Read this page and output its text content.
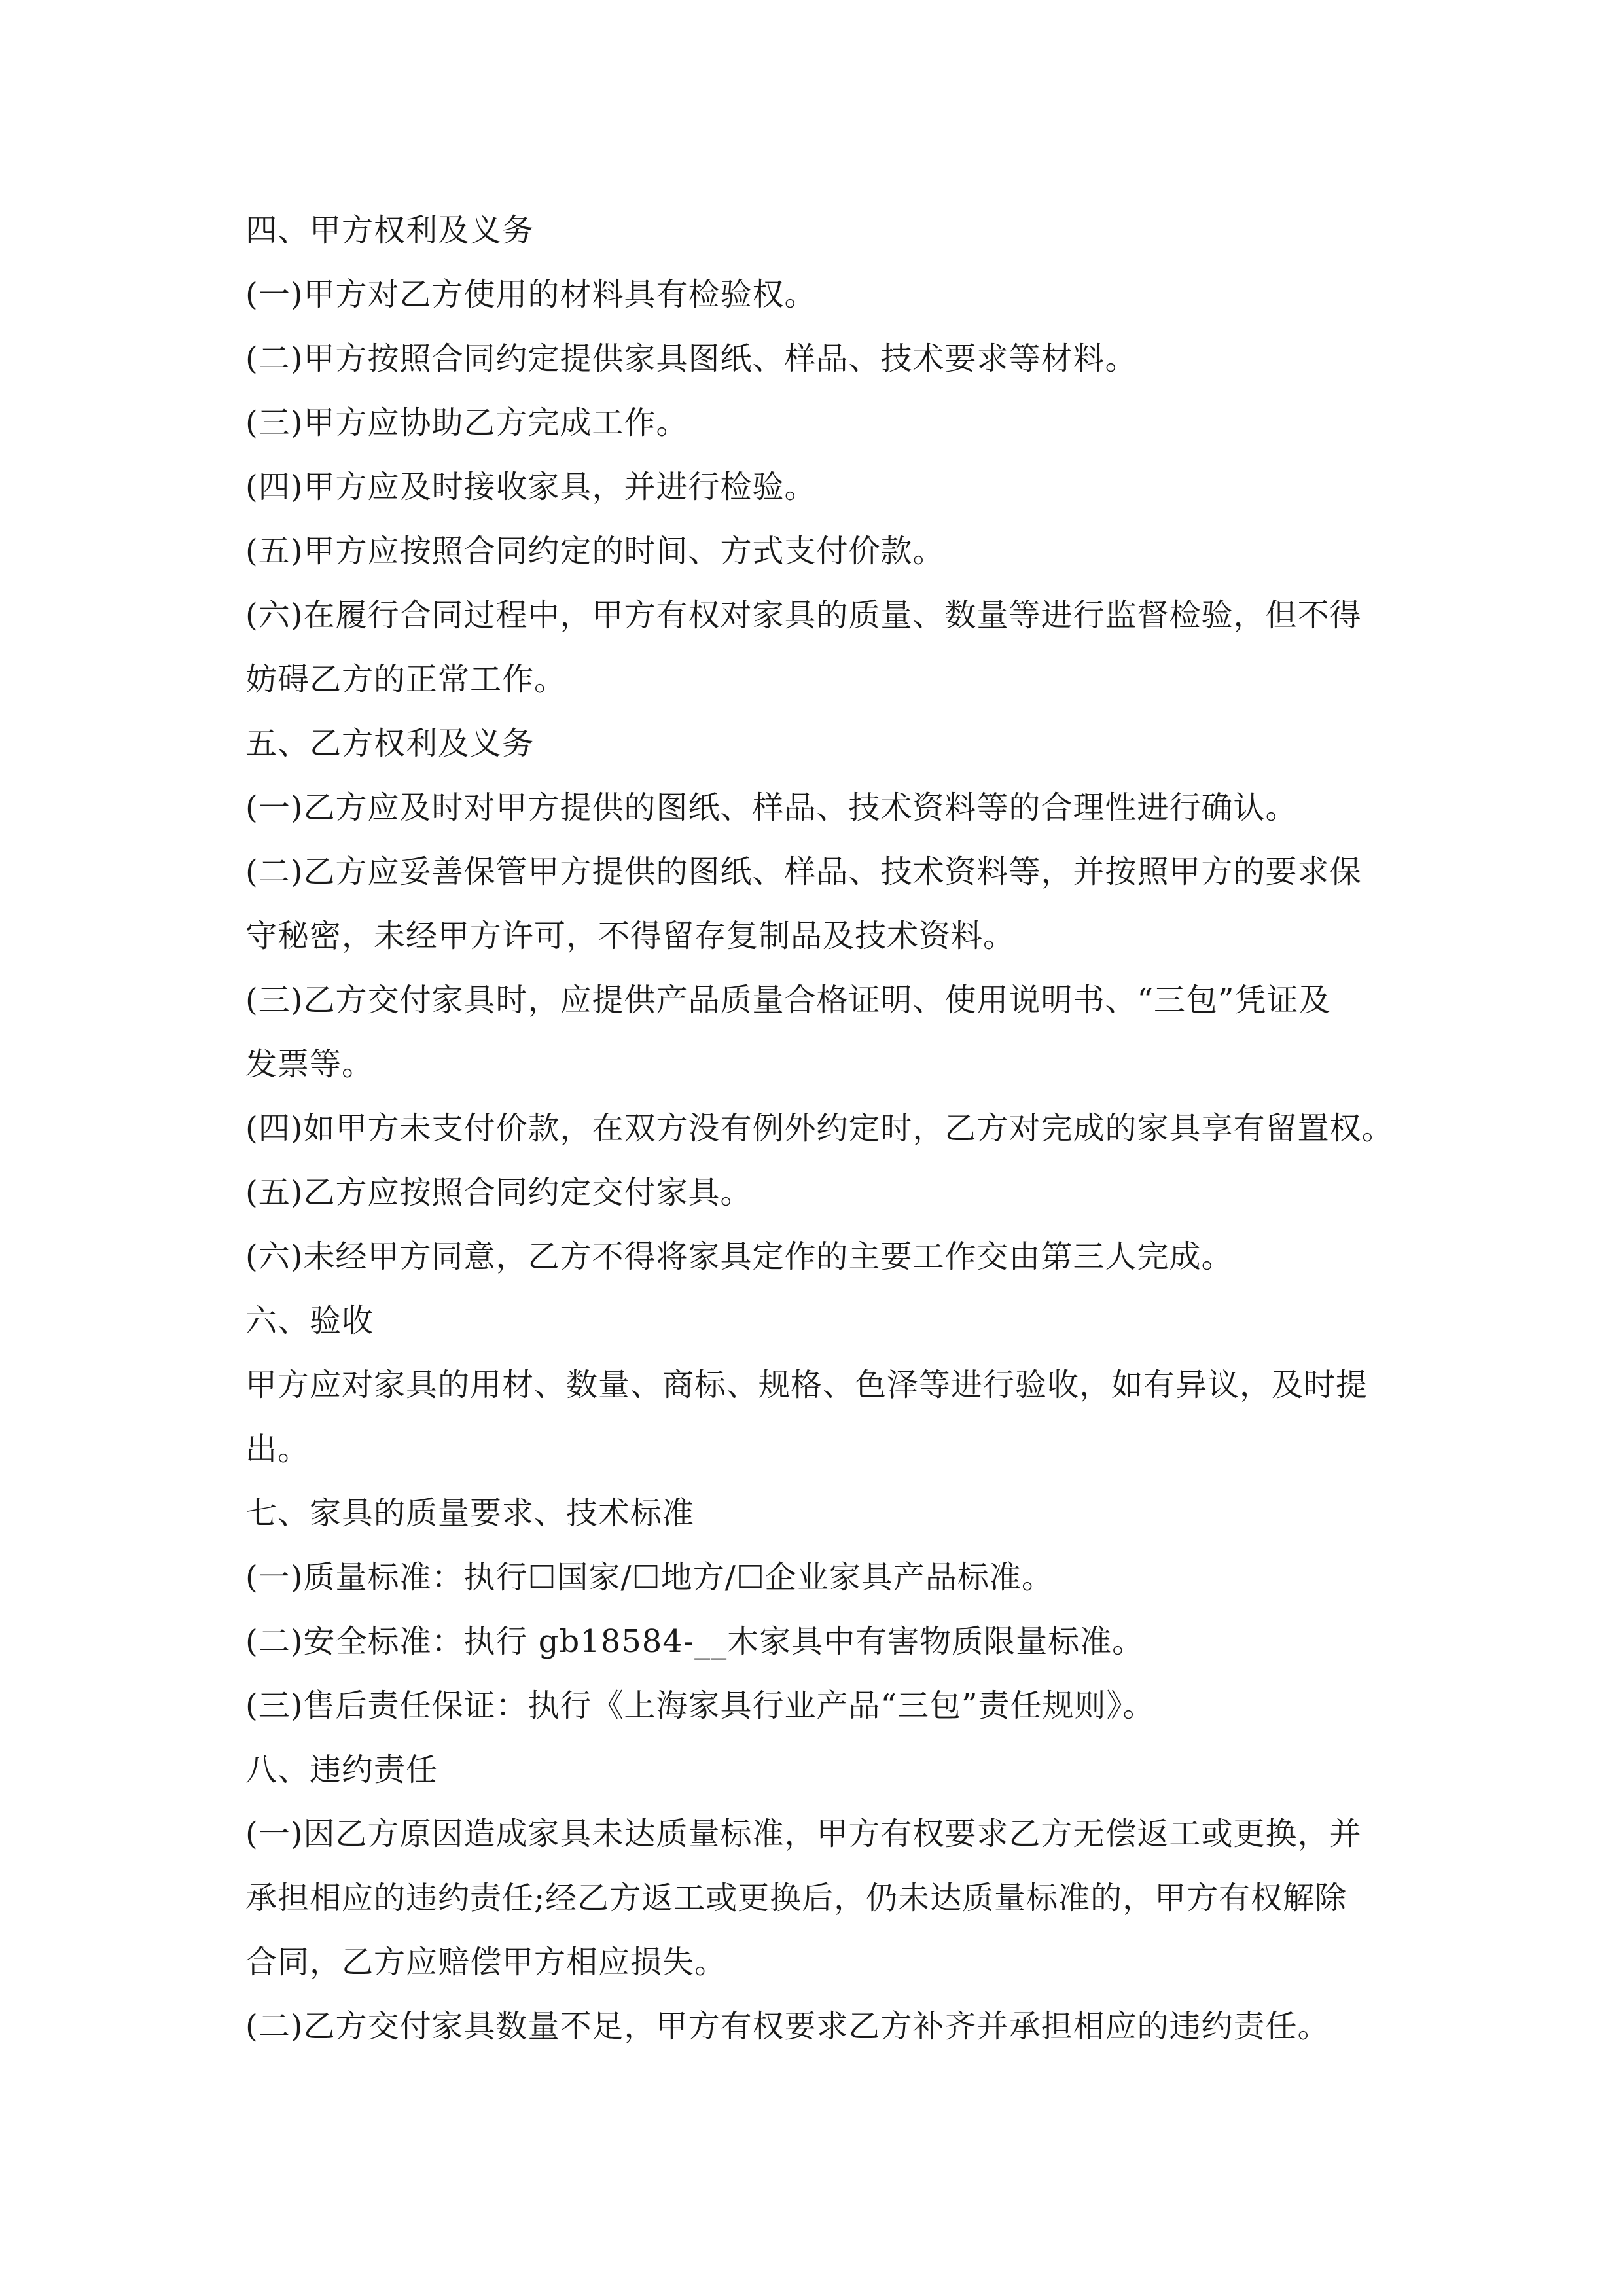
四、甲方权利及义务
(一)甲方对乙方使用的材料具有检验权。
(二)甲方按照合同约定提供家具图纸、样品、技术要求等材料。
(三)甲方应协助乙方完成工作。
(四)甲方应及时接收家具，并进行检验。
(五)甲方应按照合同约定的时间、方式支付价款。
(六)在履行合同过程中，甲方有权对家具的质量、数量等进行监督检验，但不得
妨碍乙方的正常工作。
五、乙方权利及义务
(一)乙方应及时对甲方提供的图纸、样品、技术资料等的合理性进行确认。
(二)乙方应妥善保管甲方提供的图纸、样品、技术资料等，并按照甲方的要求保
守秘密，未经甲方许可，不得留存复制品及技术资料。
(三)乙方交付家具时，应提供产品质量合格证明、使用说明书、“三包”凭证及
发票等。
(四)如甲方未支付价款，在双方没有例外约定时，乙方对完成的家具享有留置权。
(五)乙方应按照合同约定交付家具。
(六)未经甲方同意，乙方不得将家具定作的主要工作交由第三人完成。
六、验收
甲方应对家具的用材、数量、商标、规格、色泽等进行验收，如有异议，及时提
出。
七、家具的质量要求、技术标准
(一)质量标准：执行☐国家/☐地方/☐企业家具产品标准。
(二)安全标准：执行 gb18584-__木家具中有害物质限量标准。
(三)售后责任保证：执行《上海家具行业产品“三包”责任规则》。
八、违约责任
(一)因乙方原因造成家具未达质量标准，甲方有权要求乙方无偿返工或更换，并
承担相应的违约责任;经乙方返工或更换后，仍未达质量标准的，甲方有权解除
合同，乙方应赔偿甲方相应损失。
(二)乙方交付家具数量不足，甲方有权要求乙方补齐并承担相应的违约责任。
